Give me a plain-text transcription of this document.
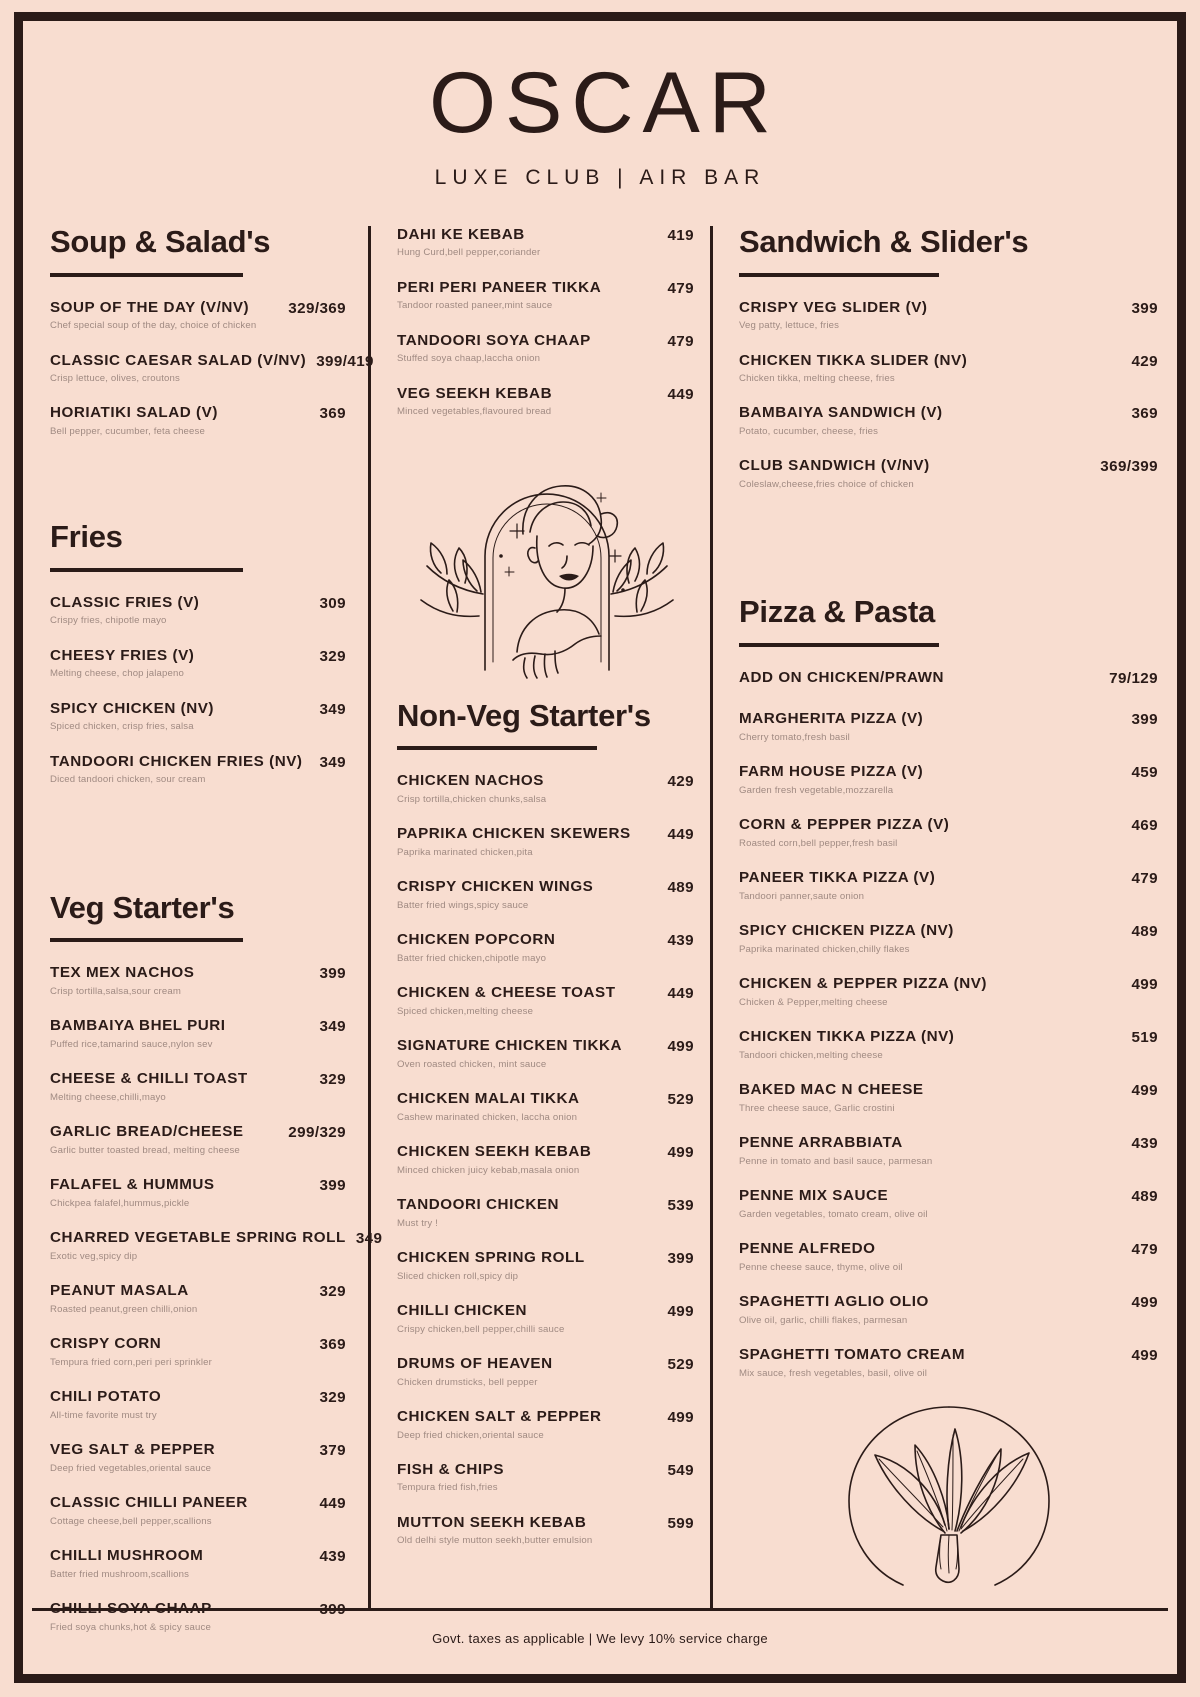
OSCAR
LUXE CLUB | AIR BAR
Soup & Salad's
SOUP OF THE DAY (V/NV)
Chef special soup of the day, choice of chicken
329/369
CLASSIC CAESAR SALAD (V/NV)
Crisp lettuce, olives, croutons
399/419
HORIATIKI SALAD (V)
Bell pepper, cucumber, feta cheese
369
Fries
CLASSIC FRIES (V)
Crispy fries, chipotle mayo
309
CHEESY FRIES (V)
Melting cheese, chop jalapeno
329
SPICY CHICKEN (NV)
Spiced chicken, crisp fries, salsa
349
TANDOORI CHICKEN FRIES (NV)
Diced tandoori chicken, sour cream
349
Veg Starter's
TEX MEX NACHOS
Crisp tortilla,salsa,sour cream
399
BAMBAIYA BHEL PURI
Puffed rice,tamarind sauce,nylon sev
349
CHEESE & CHILLI TOAST
Melting cheese,chilli,mayo
329
GARLIC BREAD/CHEESE
Garlic butter toasted bread, melting cheese
299/329
FALAFEL & HUMMUS
Chickpea falafel,hummus,pickle
399
CHARRED VEGETABLE SPRING ROLL
Exotic veg,spicy dip
349
PEANUT MASALA
Roasted peanut,green chilli,onion
329
CRISPY CORN
Tempura fried corn,peri peri sprinkler
369
CHILI POTATO
All-time favorite must try
329
VEG SALT & PEPPER
Deep fried vegetables,oriental sauce
379
CLASSIC CHILLI PANEER
Cottage cheese,bell pepper,scallions
449
CHILLI MUSHROOM
Batter fried mushroom,scallions
439
CHILLI SOYA CHAAP
Fried soya chunks,hot & spicy sauce
399
DAHI KE KEBAB
Hung Curd,bell pepper,coriander
419
PERI PERI PANEER TIKKA
Tandoor roasted paneer,mint sauce
479
TANDOORI SOYA CHAAP
Stuffed soya chaap,laccha onion
479
VEG SEEKH KEBAB
Minced vegetables,flavoured bread
449
Non-Veg Starter's
CHICKEN NACHOS
Crisp tortilla,chicken chunks,salsa
429
PAPRIKA CHICKEN SKEWERS
Paprika marinated chicken,pita
449
CRISPY CHICKEN WINGS
Batter fried wings,spicy sauce
489
CHICKEN POPCORN
Batter fried chicken,chipotle mayo
439
CHICKEN & CHEESE TOAST
Spiced chicken,melting cheese
449
SIGNATURE CHICKEN TIKKA
Oven roasted chicken, mint sauce
499
CHICKEN MALAI TIKKA
Cashew marinated chicken, laccha onion
529
CHICKEN SEEKH KEBAB
Minced chicken juicy kebab,masala onion
499
TANDOORI CHICKEN
Must try !
539
CHICKEN SPRING ROLL
Sliced chicken roll,spicy dip
399
CHILLI CHICKEN
Crispy chicken,bell pepper,chilli sauce
499
DRUMS OF HEAVEN
Chicken drumsticks, bell pepper
529
CHICKEN SALT & PEPPER
Deep fried chicken,oriental sauce
499
FISH & CHIPS
Tempura fried fish,fries
549
MUTTON SEEKH KEBAB
Old delhi style mutton seekh,butter emulsion
599
Sandwich & Slider's
CRISPY VEG SLIDER (V)
Veg patty, lettuce, fries
399
CHICKEN TIKKA SLIDER (NV)
Chicken tikka, melting cheese, fries
429
BAMBAIYA SANDWICH (V)
Potato, cucumber, cheese, fries
369
CLUB SANDWICH (V/NV)
Coleslaw,cheese,fries choice of chicken
369/399
Pizza & Pasta
ADD ON CHICKEN/PRAWN	79/129
MARGHERITA PIZZA (V)
Cherry tomato,fresh basil
399
FARM HOUSE PIZZA (V)
Garden fresh vegetable,mozzarella
459
CORN & PEPPER PIZZA (V)
Roasted corn,bell pepper,fresh basil
469
PANEER TIKKA PIZZA (V)
Tandoori panner,saute onion
479
SPICY CHICKEN PIZZA (NV)
Paprika marinated chicken,chilly flakes
489
CHICKEN & PEPPER PIZZA (NV)
Chicken & Pepper,melting cheese
499
CHICKEN TIKKA PIZZA (NV)
Tandoori chicken,melting cheese
519
BAKED MAC N CHEESE
Three cheese sauce, Garlic crostini
499
PENNE ARRABBIATA
Penne in tomato and basil sauce, parmesan
439
PENNE MIX SAUCE
Garden vegetables, tomato cream, olive oil
489
PENNE ALFREDO
Penne cheese sauce, thyme, olive oil
479
SPAGHETTI AGLIO OLIO
Olive oil, garlic, chilli flakes, parmesan
499
SPAGHETTI TOMATO CREAM
Mix sauce, fresh vegetables, basil, olive oil
499
Govt. taxes as applicable | We levy 10% service charge
